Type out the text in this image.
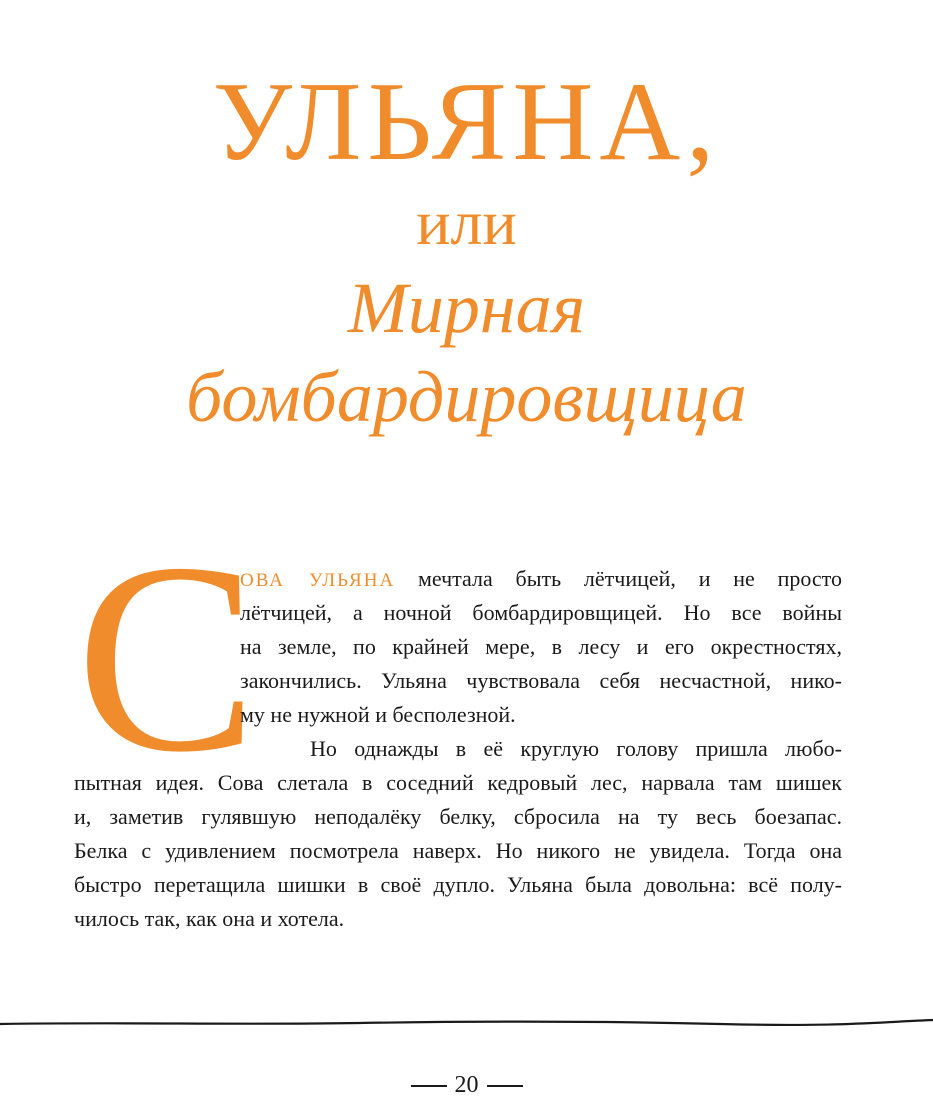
УЛЬЯНА,
или
Мирная
бомбардировщица
С
ОВА УЛЬЯНА мечтала быть лётчицей, и не просто
лётчицей, а ночной бомбардировщицей. Но все войны
на земле, по крайней мере, в лесу и его окрестностях,
закончились. Ульяна чувствовала себя несчастной, нико-
му не нужной и бесполезной.
Но однажды в её круглую голову пришла любо-
пытная идея. Сова слетала в соседний кедровый лес, нарвала там шишек
и, заметив гулявшую неподалёку белку, сбросила на ту весь боезапас.
Белка с удивлением посмотрела наверх. Но никого не увидела. Тогда она
быстро перетащила шишки в своё дупло. Ульяна была довольна: всё полу-
чилось так, как она и хотела.
20
